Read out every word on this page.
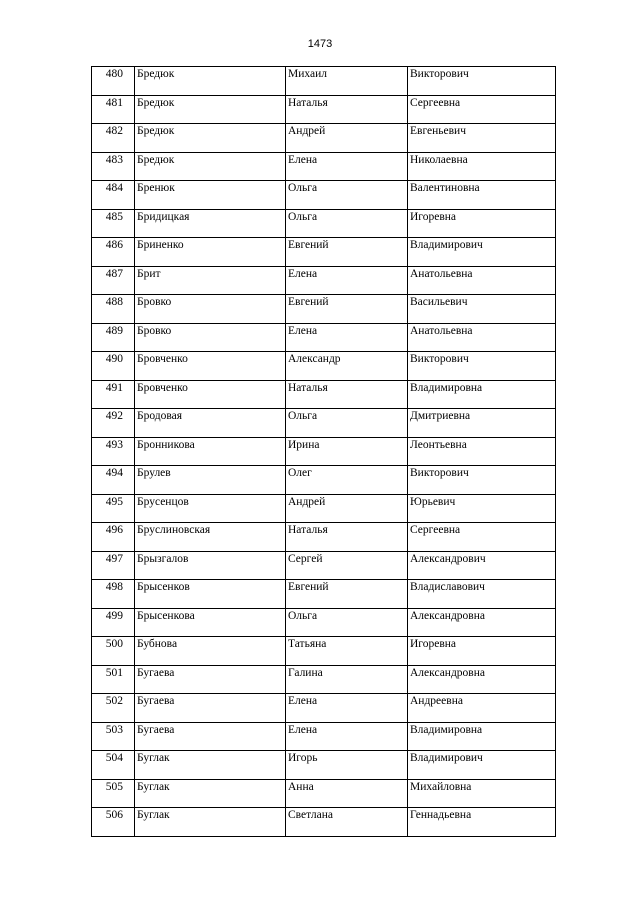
1473
480	Бредюк	Михаил	Викторович
481	Бредюк	Наталья	Сергеевна
482	Бредюк	Андрей	Евгеньевич
483	Бредюк	Елена	Николаевна
484	Бренюк	Ольга	Валентиновна
485	Бридицкая	Ольга	Игоревна
486	Бриненко	Евгений	Владимирович
487	Брит	Елена	Анатольевна
488	Бровко	Евгений	Васильевич
489	Бровко	Елена	Анатольевна
490	Бровченко	Александр	Викторович
491	Бровченко	Наталья	Владимировна
492	Бродовая	Ольга	Дмитриевна
493	Бронникова	Ирина	Леонтьевна
494	Брулев	Олег	Викторович
495	Брусенцов	Андрей	Юрьевич
496	Бруслиновская	Наталья	Сергеевна
497	Брызгалов	Сергей	Александрович
498	Брысенков	Евгений	Владиславович
499	Брысенкова	Ольга	Александровна
500	Бубнова	Татьяна	Игоревна
501	Бугаева	Галина	Александровна
502	Бугаева	Елена	Андреевна
503	Бугаева	Елена	Владимировна
504	Буглак	Игорь	Владимирович
505	Буглак	Анна	Михайловна
506	Буглак	Светлана	Геннадьевна
